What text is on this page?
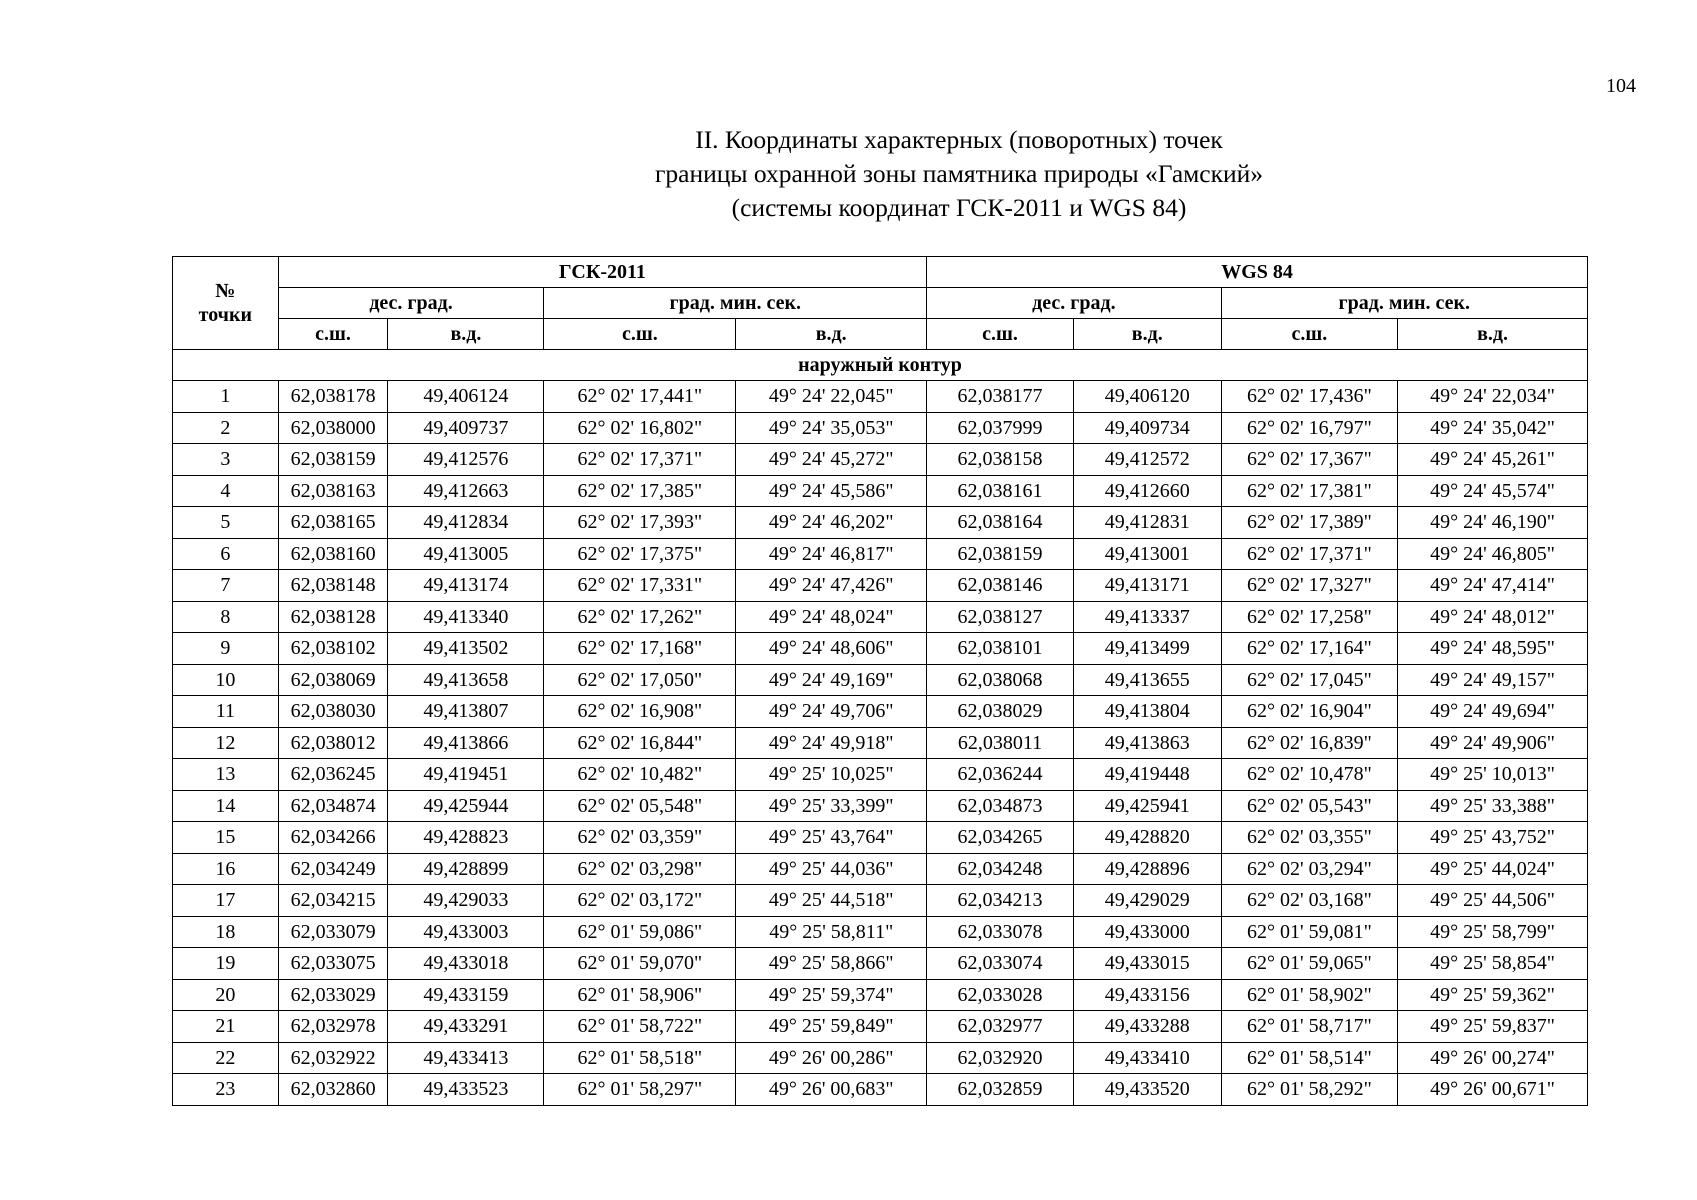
104
II. Координаты характерных (поворотных) точек
границы охранной зоны памятника природы «Гамский»
(системы координат ГСК-2011 и WGS 84)
№
точки	ГСК-2011				WGS 84			
	дес. град.		град. мин. сек.		дес. град.		град. мин. сек.	
	с.ш.	в.д.	с.ш.	в.д.	с.ш.	в.д.	с.ш.	в.д.
наружный контур								
1	62,038178	49,406124	62° 02' 17,441"	49° 24' 22,045"	62,038177	49,406120	62° 02' 17,436"	49° 24' 22,034"
2	62,038000	49,409737	62° 02' 16,802"	49° 24' 35,053"	62,037999	49,409734	62° 02' 16,797"	49° 24' 35,042"
3	62,038159	49,412576	62° 02' 17,371"	49° 24' 45,272"	62,038158	49,412572	62° 02' 17,367"	49° 24' 45,261"
4	62,038163	49,412663	62° 02' 17,385"	49° 24' 45,586"	62,038161	49,412660	62° 02' 17,381"	49° 24' 45,574"
5	62,038165	49,412834	62° 02' 17,393"	49° 24' 46,202"	62,038164	49,412831	62° 02' 17,389"	49° 24' 46,190"
6	62,038160	49,413005	62° 02' 17,375"	49° 24' 46,817"	62,038159	49,413001	62° 02' 17,371"	49° 24' 46,805"
7	62,038148	49,413174	62° 02' 17,331"	49° 24' 47,426"	62,038146	49,413171	62° 02' 17,327"	49° 24' 47,414"
8	62,038128	49,413340	62° 02' 17,262"	49° 24' 48,024"	62,038127	49,413337	62° 02' 17,258"	49° 24' 48,012"
9	62,038102	49,413502	62° 02' 17,168"	49° 24' 48,606"	62,038101	49,413499	62° 02' 17,164"	49° 24' 48,595"
10	62,038069	49,413658	62° 02' 17,050"	49° 24' 49,169"	62,038068	49,413655	62° 02' 17,045"	49° 24' 49,157"
11	62,038030	49,413807	62° 02' 16,908"	49° 24' 49,706"	62,038029	49,413804	62° 02' 16,904"	49° 24' 49,694"
12	62,038012	49,413866	62° 02' 16,844"	49° 24' 49,918"	62,038011	49,413863	62° 02' 16,839"	49° 24' 49,906"
13	62,036245	49,419451	62° 02' 10,482"	49° 25' 10,025"	62,036244	49,419448	62° 02' 10,478"	49° 25' 10,013"
14	62,034874	49,425944	62° 02' 05,548"	49° 25' 33,399"	62,034873	49,425941	62° 02' 05,543"	49° 25' 33,388"
15	62,034266	49,428823	62° 02' 03,359"	49° 25' 43,764"	62,034265	49,428820	62° 02' 03,355"	49° 25' 43,752"
16	62,034249	49,428899	62° 02' 03,298"	49° 25' 44,036"	62,034248	49,428896	62° 02' 03,294"	49° 25' 44,024"
17	62,034215	49,429033	62° 02' 03,172"	49° 25' 44,518"	62,034213	49,429029	62° 02' 03,168"	49° 25' 44,506"
18	62,033079	49,433003	62° 01' 59,086"	49° 25' 58,811"	62,033078	49,433000	62° 01' 59,081"	49° 25' 58,799"
19	62,033075	49,433018	62° 01' 59,070"	49° 25' 58,866"	62,033074	49,433015	62° 01' 59,065"	49° 25' 58,854"
20	62,033029	49,433159	62° 01' 58,906"	49° 25' 59,374"	62,033028	49,433156	62° 01' 58,902"	49° 25' 59,362"
21	62,032978	49,433291	62° 01' 58,722"	49° 25' 59,849"	62,032977	49,433288	62° 01' 58,717"	49° 25' 59,837"
22	62,032922	49,433413	62° 01' 58,518"	49° 26' 00,286"	62,032920	49,433410	62° 01' 58,514"	49° 26' 00,274"
23	62,032860	49,433523	62° 01' 58,297"	49° 26' 00,683"	62,032859	49,433520	62° 01' 58,292"	49° 26' 00,671"
